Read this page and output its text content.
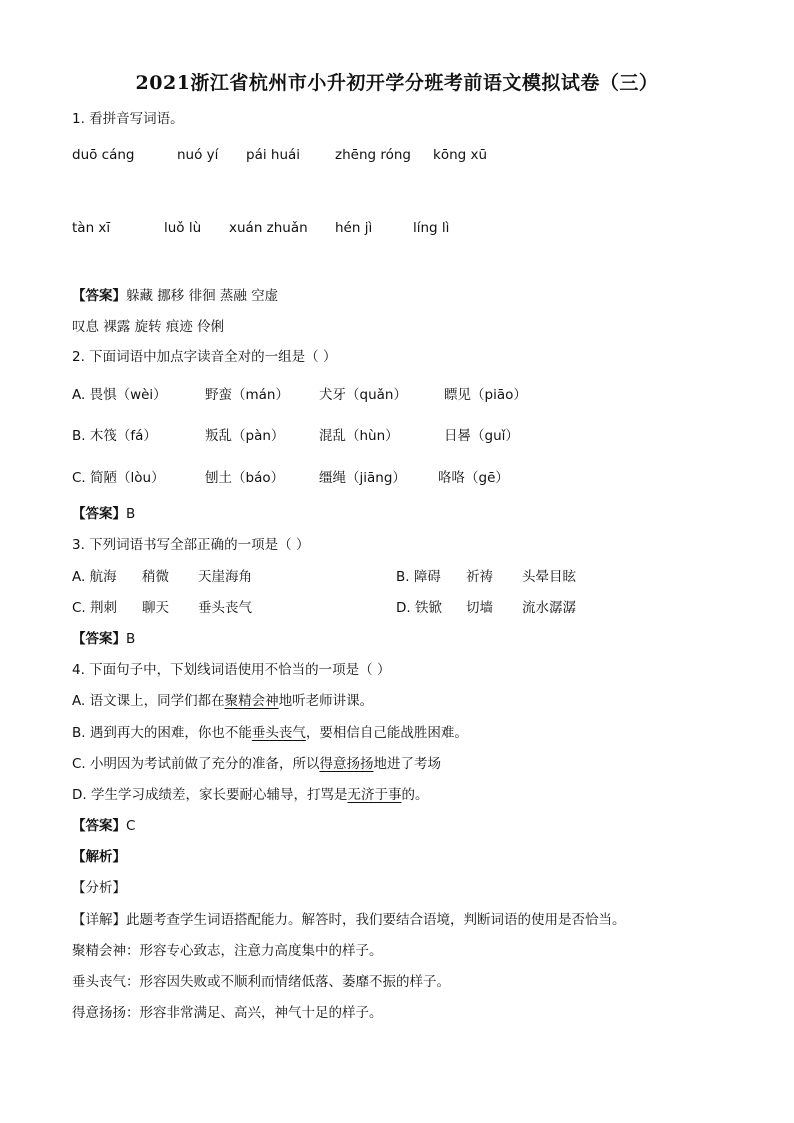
2021浙江省杭州市小升初开学分班考前语文模拟试卷（三）
1. 看拼音写词语。
duō cáng	nuó yí pái huái	zhēng róng kōng xū
tàn xī	luǒ lù xuán zhuǎn hén jì	líng lì
【答案】躲藏 挪移 徘徊 蒸融 空虚
叹息 裸露 旋转 痕迹 伶俐
2. 下面词语中加点字读音全对的一组是（ ）
A. 畏惧（wèi）	野蛮（mán） 犬牙（quǎn）	瞟见（piāo）
B. 木筏（fá）	叛乱（pàn）	混乱（hùn）	日晷（guǐ）
C. 简陋（lòu）	刨土（báo）	缰绳（jiāng） 咯咯（gē）
【答案】B
3. 下列词语书写全部正确的一项是（ ）
A. 航海 稍微 天崖海角	B. 障碍 祈祷 头晕目眩
C. 荆刺 聊天 垂头丧气	D. 铁锨 切墙 流水潺潺
【答案】B
4. 下面句子中，下划线词语使用不恰当的一项是（ ）
A. 语文课上，同学们都在聚精会神地听老师讲课。
B. 遇到再大的困难，你也不能垂头丧气，要相信自己能战胜困难。
C. 小明因为考试前做了充分的准备，所以得意扬扬地进了考场
D. 学生学习成绩差，家长要耐心辅导，打骂是无济于事的。
【答案】C
【解析】
【分析】
【详解】此题考查学生词语搭配能力。解答时，我们要结合语境，判断词语的使用是否恰当。
聚精会神：形容专心致志，注意力高度集中的样子。
垂头丧气：形容因失败或不顺利而情绪低落、萎靡不振的样子。
得意扬扬：形容非常满足、高兴，神气十足的样子。
